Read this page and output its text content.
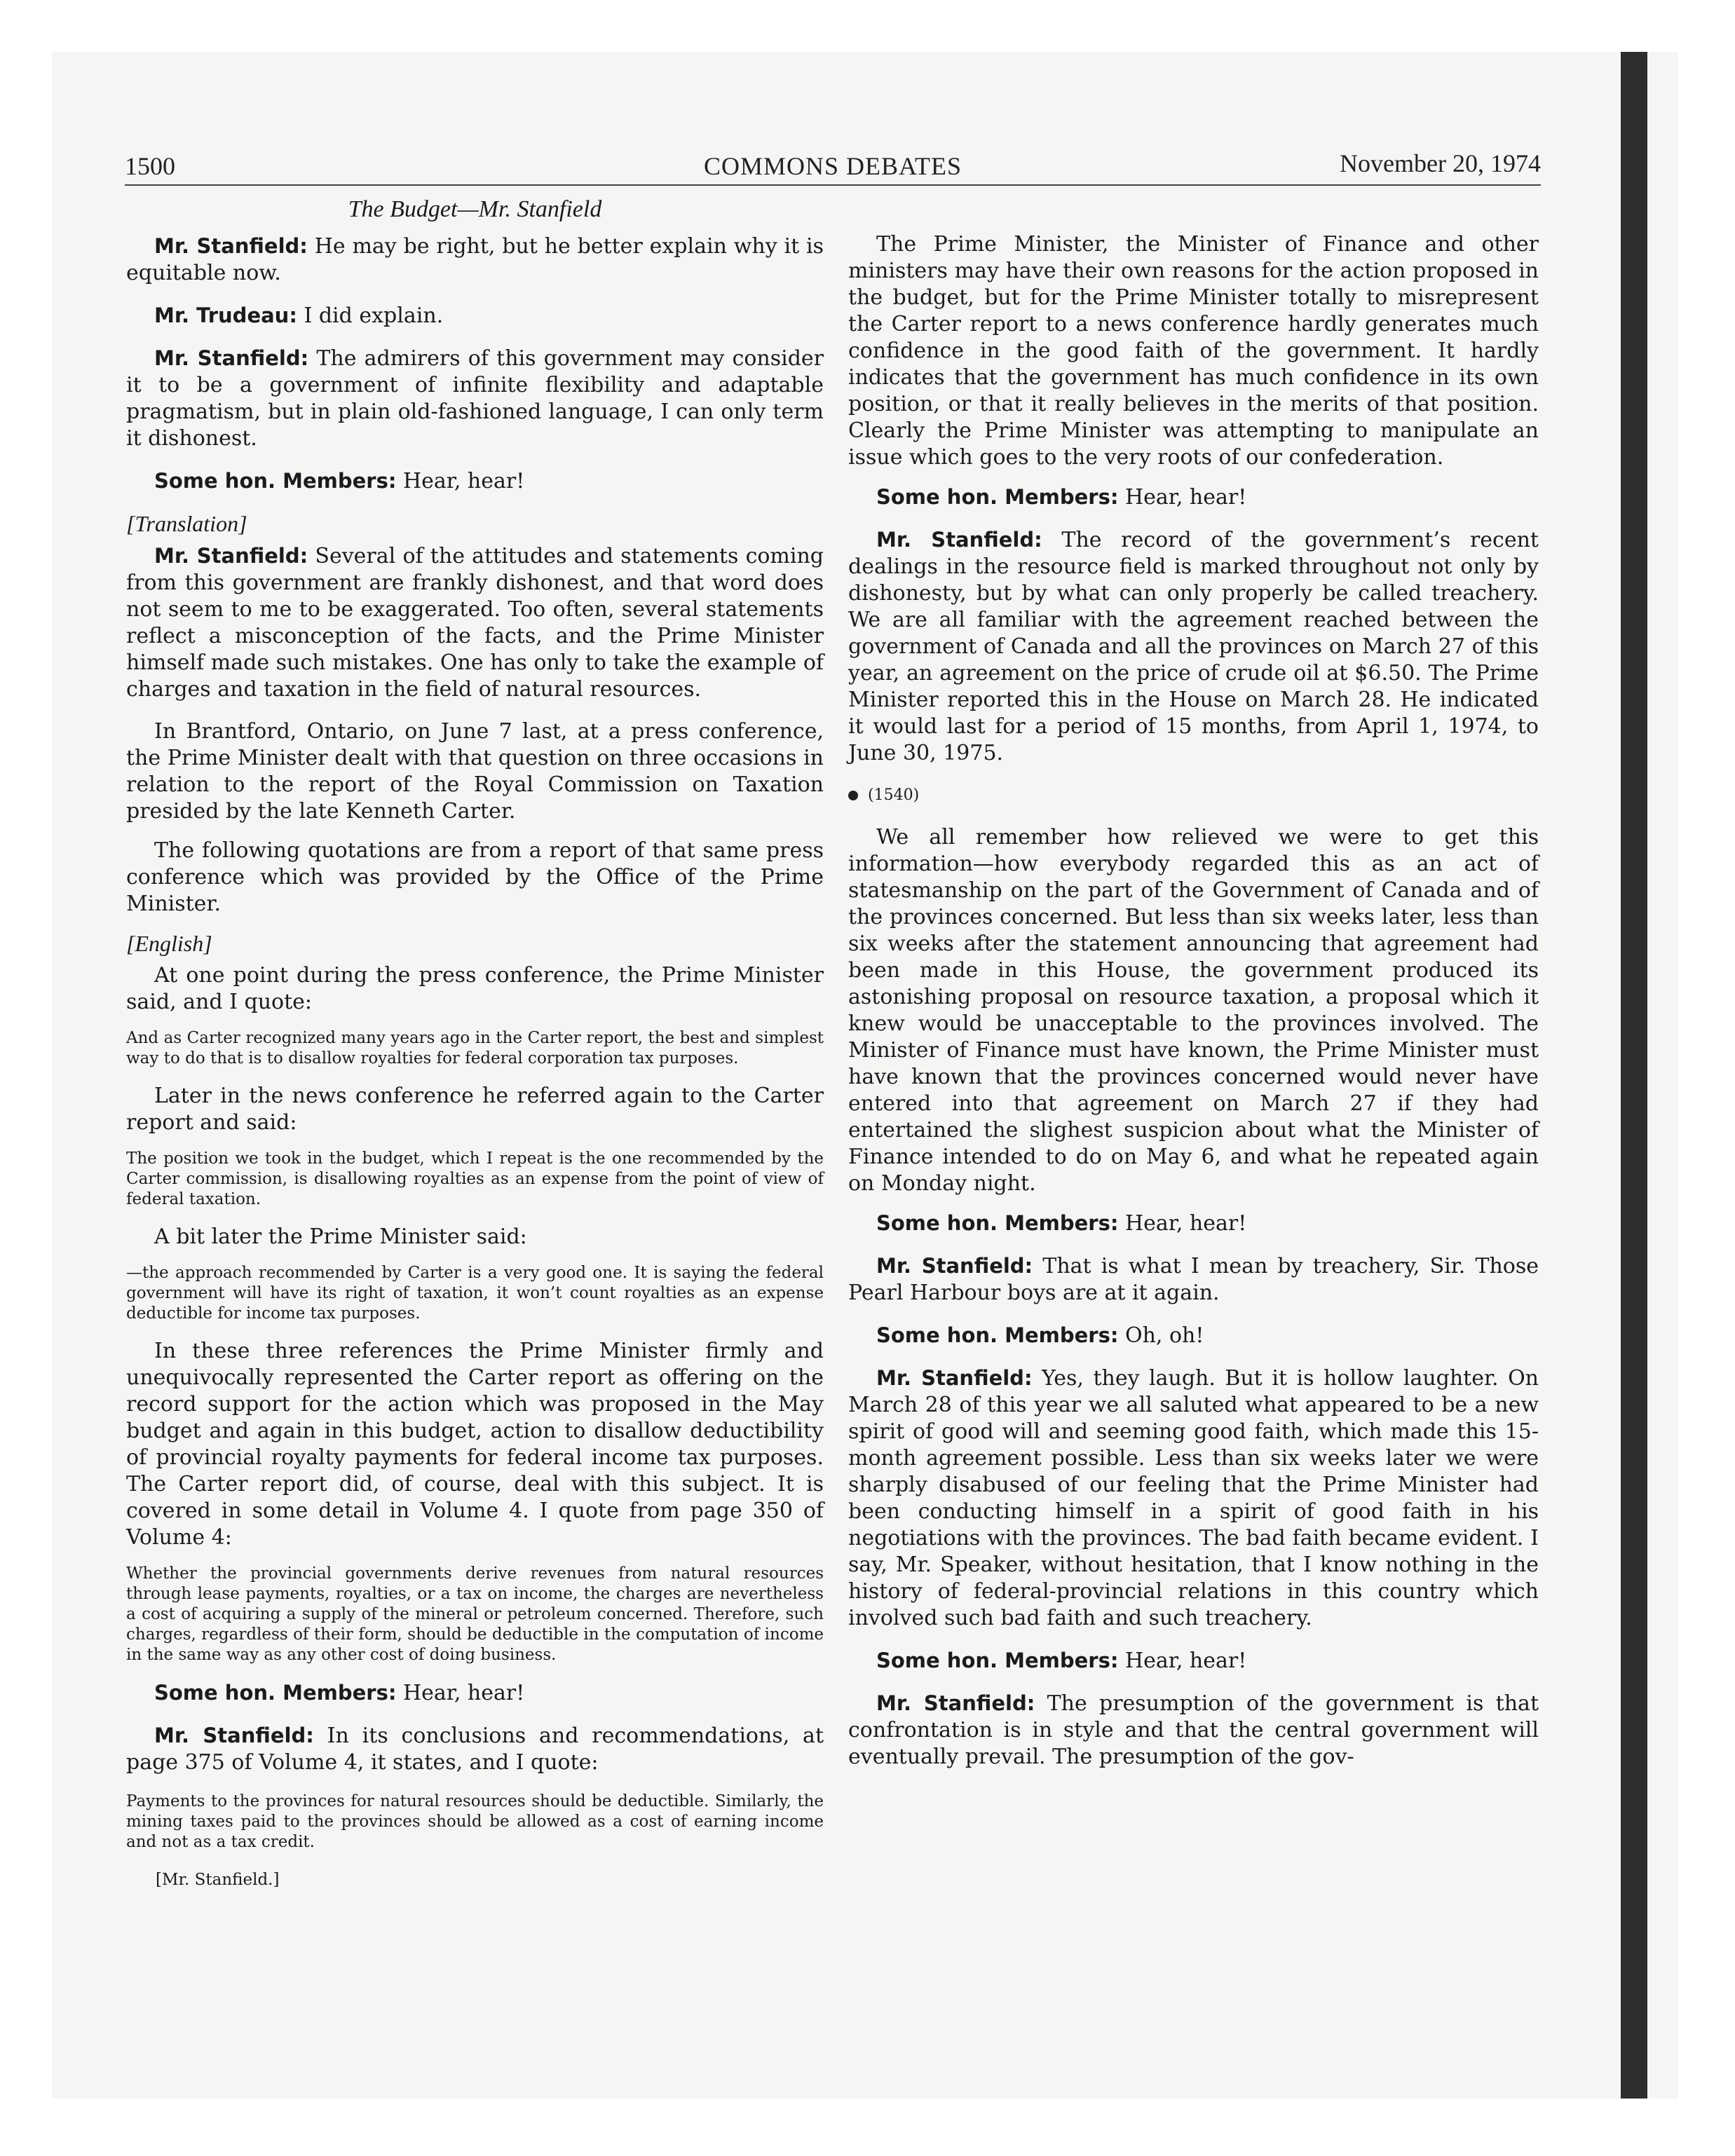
1500	COMMONS DEBATES	November 20, 1974

The Budget—Mr. Stanfield

Mr. Stanfield: He may be right, but he better explain why it is equitable now.

Mr. Trudeau: I did explain.

Mr. Stanfield: The admirers of this government may consider it to be a government of infinite flexibility and adaptable pragmatism, but in plain old-fashioned language, I can only term it dishonest.

Some hon. Members: Hear, hear!

[Translation]

Mr. Stanfield: Several of the attitudes and statements coming from this government are frankly dishonest, and that word does not seem to me to be exaggerated. Too often, several statements reflect a misconception of the facts, and the Prime Minister himself made such mistakes. One has only to take the example of charges and taxation in the field of natural resources.

In Brantford, Ontario, on June 7 last, at a press conference, the Prime Minister dealt with that question on three occasions in relation to the report of the Royal Commission on Taxation presided by the late Kenneth Carter.

The following quotations are from a report of that same press conference which was provided by the Office of the Prime Minister.

[English]

At one point during the press conference, the Prime Minister said, and I quote:

And as Carter recognized many years ago in the Carter report, the best and simplest way to do that is to disallow royalties for federal corporation tax purposes.

Later in the news conference he referred again to the Carter report and said:

The position we took in the budget, which I repeat is the one recommended by the Carter commission, is disallowing royalties as an expense from the point of view of federal taxation.

A bit later the Prime Minister said:

—the approach recommended by Carter is a very good one. It is saying the federal government will have its right of taxation, it won’t count royalties as an expense deductible for income tax purposes.

In these three references the Prime Minister firmly and unequivocally represented the Carter report as offering on the record support for the action which was proposed in the May budget and again in this budget, action to disallow deductibility of provincial royalty payments for federal income tax purposes. The Carter report did, of course, deal with this subject. It is covered in some detail in Volume 4. I quote from page 350 of Volume 4:

Whether the provincial governments derive revenues from natural resources through lease payments, royalties, or a tax on income, the charges are nevertheless a cost of acquiring a supply of the mineral or petroleum concerned. Therefore, such charges, regardless of their form, should be deductible in the computation of income in the same way as any other cost of doing business.

Some hon. Members: Hear, hear!

Mr. Stanfield: In its conclusions and recommendations, at page 375 of Volume 4, it states, and I quote:

Payments to the provinces for natural resources should be deductible. Similarly, the mining taxes paid to the provinces should be allowed as a cost of earning income and not as a tax credit.

[Mr. Stanfield.]

The Prime Minister, the Minister of Finance and other ministers may have their own reasons for the action proposed in the budget, but for the Prime Minister totally to misrepresent the Carter report to a news conference hardly generates much confidence in the good faith of the government. It hardly indicates that the government has much confidence in its own position, or that it really believes in the merits of that position. Clearly the Prime Minister was attempting to manipulate an issue which goes to the very roots of our confederation.

Some hon. Members: Hear, hear!

Mr. Stanfield: The record of the government’s recent dealings in the resource field is marked throughout not only by dishonesty, but by what can only properly be called treachery. We are all familiar with the agreement reached between the government of Canada and all the provinces on March 27 of this year, an agreement on the price of crude oil at $6.50. The Prime Minister reported this in the House on March 28. He indicated it would last for a period of 15 months, from April 1, 1974, to June 30, 1975.

(1540)

We all remember how relieved we were to get this information—how everybody regarded this as an act of statesmanship on the part of the Government of Canada and of the provinces concerned. But less than six weeks later, less than six weeks after the statement announcing that agreement had been made in this House, the government produced its astonishing proposal on resource taxation, a proposal which it knew would be unacceptable to the provinces involved. The Minister of Finance must have known, the Prime Minister must have known that the provinces concerned would never have entered into that agreement on March 27 if they had entertained the slighest suspicion about what the Minister of Finance intended to do on May 6, and what he repeated again on Monday night.

Some hon. Members: Hear, hear!

Mr. Stanfield: That is what I mean by treachery, Sir. Those Pearl Harbour boys are at it again.

Some hon. Members: Oh, oh!

Mr. Stanfield: Yes, they laugh. But it is hollow laughter. On March 28 of this year we all saluted what appeared to be a new spirit of good will and seeming good faith, which made this 15-month agreement possible. Less than six weeks later we were sharply disabused of our feeling that the Prime Minister had been conducting himself in a spirit of good faith in his negotiations with the provinces. The bad faith became evident. I say, Mr. Speaker, without hesitation, that I know nothing in the history of federal-provincial relations in this country which involved such bad faith and such treachery.

Some hon. Members: Hear, hear!

Mr. Stanfield: The presumption of the government is that confrontation is in style and that the central government will eventually prevail. The presumption of the gov-
